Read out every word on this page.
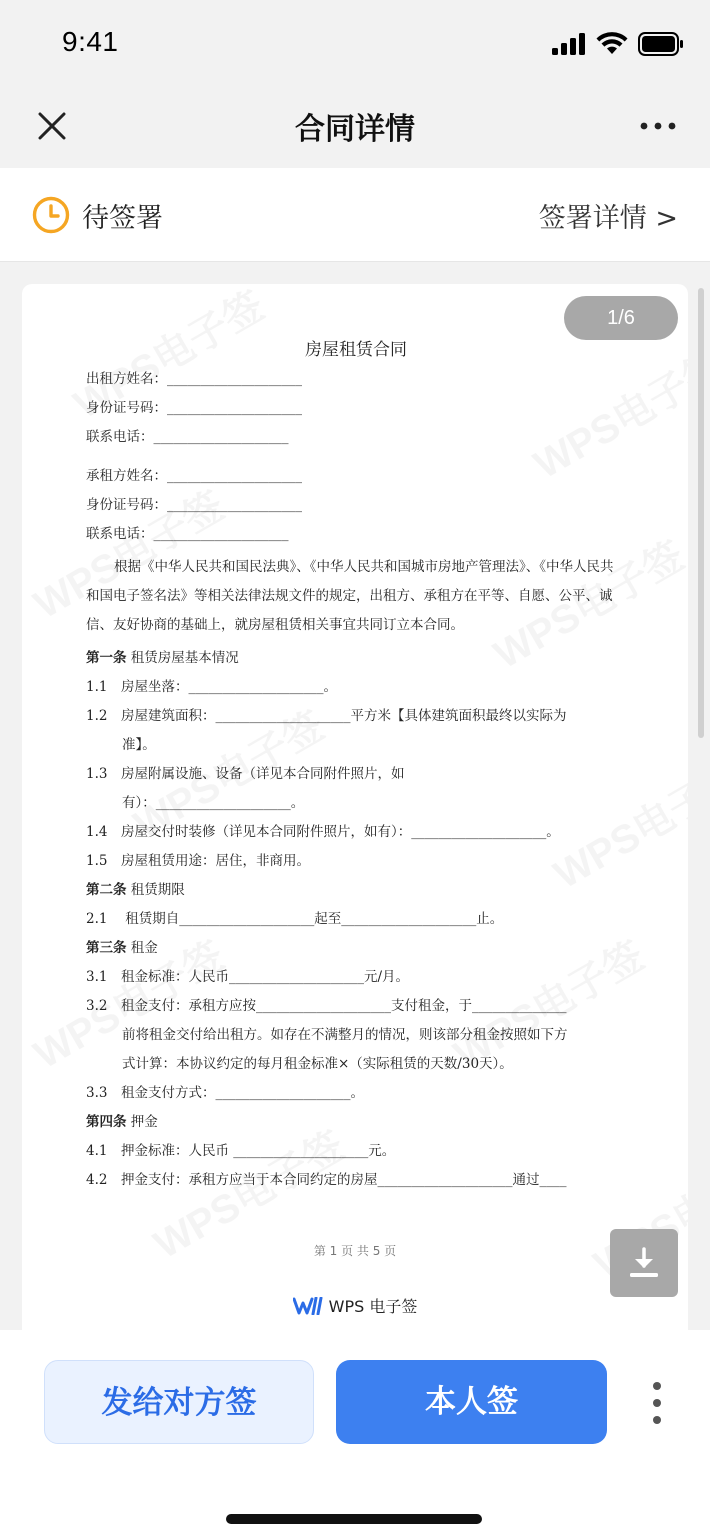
9:41
合同详情
待签署	签署详情 >
房屋租赁合同
出租方姓名：____________________
身份证号码：____________________
联系电话：____________________
承租方姓名：____________________
身份证号码：____________________
联系电话：____________________
根据《中华人民共和国民法典》、《中华人民共和国城市房地产管理法》、《中华人民共和国电子签名法》等相关法律法规文件的规定，出租方、承租方在平等、自愿、公平、诚信、友好协商的基础上，就房屋租赁相关事宜共同订立本合同。
第一条 租赁房屋基本情况
1.1　房屋坐落：____________________。
1.2　房屋建筑面积：____________________平方米【具体建筑面积最终以实际为
准】。
1.3　房屋附属设施、设备（详见本合同附件照片，如
有）：____________________。
1.4　房屋交付时装修（详见本合同附件照片，如有）：____________________。
1.5　房屋租赁用途：居住，非商用。
第二条 租赁期限
2.1　 租赁期自____________________起至____________________止。
第三条 租金
3.1　租金标准：人民币____________________元/月。
3.2　租金支付：承租方应按____________________支付租金，于______________
前将租金交付给出租方。如存在不满整月的情况，则该部分租金按照如下方
式计算：本协议约定的每月租金标准×（实际租赁的天数/30天）。
3.3　租金支付方式：____________________。
第四条 押金
4.1　押金标准：人民币 ____________________元。
4.2　押金支付：承租方应当于本合同约定的房屋____________________通过____
第 1 页 共 5 页
WPS 电子签
1/6
发给对方签	本人签
